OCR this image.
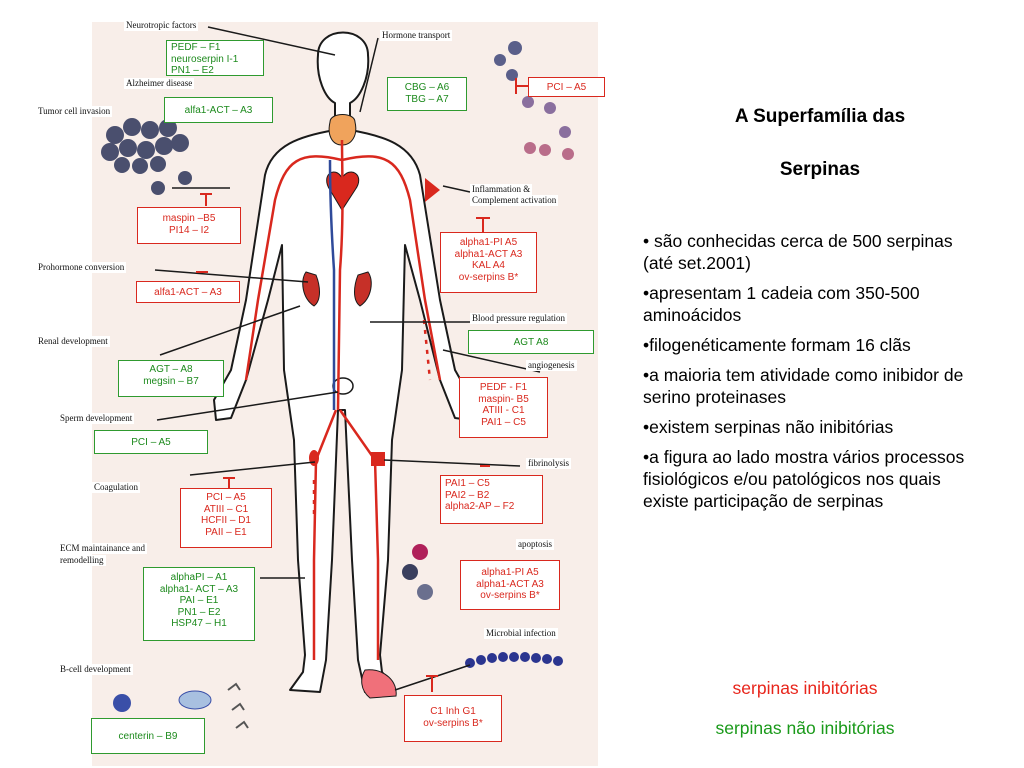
Neurotropic factors
Alzheimer disease
Tumor cell invasion
Prohormone conversion
Renal development
Sperm development
Coagulation
ECM maintainance and
remodelling
B-cell development
Hormone transport
Inflammation &
Complement activation
Blood pressure regulation
angiogenesis
fibrinolysis
apoptosis
Microbial infection
PEDF – F1
neuroserpin I-1
PN1 – E2
alfa1-ACT – A3
maspin –B5
PI14 – I2
alfa1-ACT – A3
AGT – A8
megsin – B7
PCI – A5
PCI – A5
ATIII – C1
HCFII – D1
PAII – E1
alphaPI – A1
alpha1- ACT – A3
PAI – E1
PN1 – E2
HSP47 – H1
centerin – B9
CBG – A6
TBG – A7
PCI – A5
alpha1-PI A5
alpha1-ACT A3
KAL A4
ov-serpins B*
AGT A8
PEDF - F1
maspin- B5
ATIII - C1
PAI1 – C5
PAI1 – C5
PAI2 – B2
alpha2-AP – F2
alpha1-PI A5
alpha1-ACT A3
ov-serpins B*
C1 Inh G1
ov-serpins B*
A Superfamília das
Serpinas

• são conhecidas cerca de 500 serpinas (até set.2001)

•apresentam 1 cadeia com 350-500 aminoácidos

•filogenéticamente formam 16 clãs

•a maioria tem atividade como inibidor de serino proteinases

•existem serpinas não inibitórias

•a figura ao lado mostra vários processos fisiológicos e/ou patológicos nos quais existe participação de serpinas

serpinas inibitórias
serpinas não inibitórias
